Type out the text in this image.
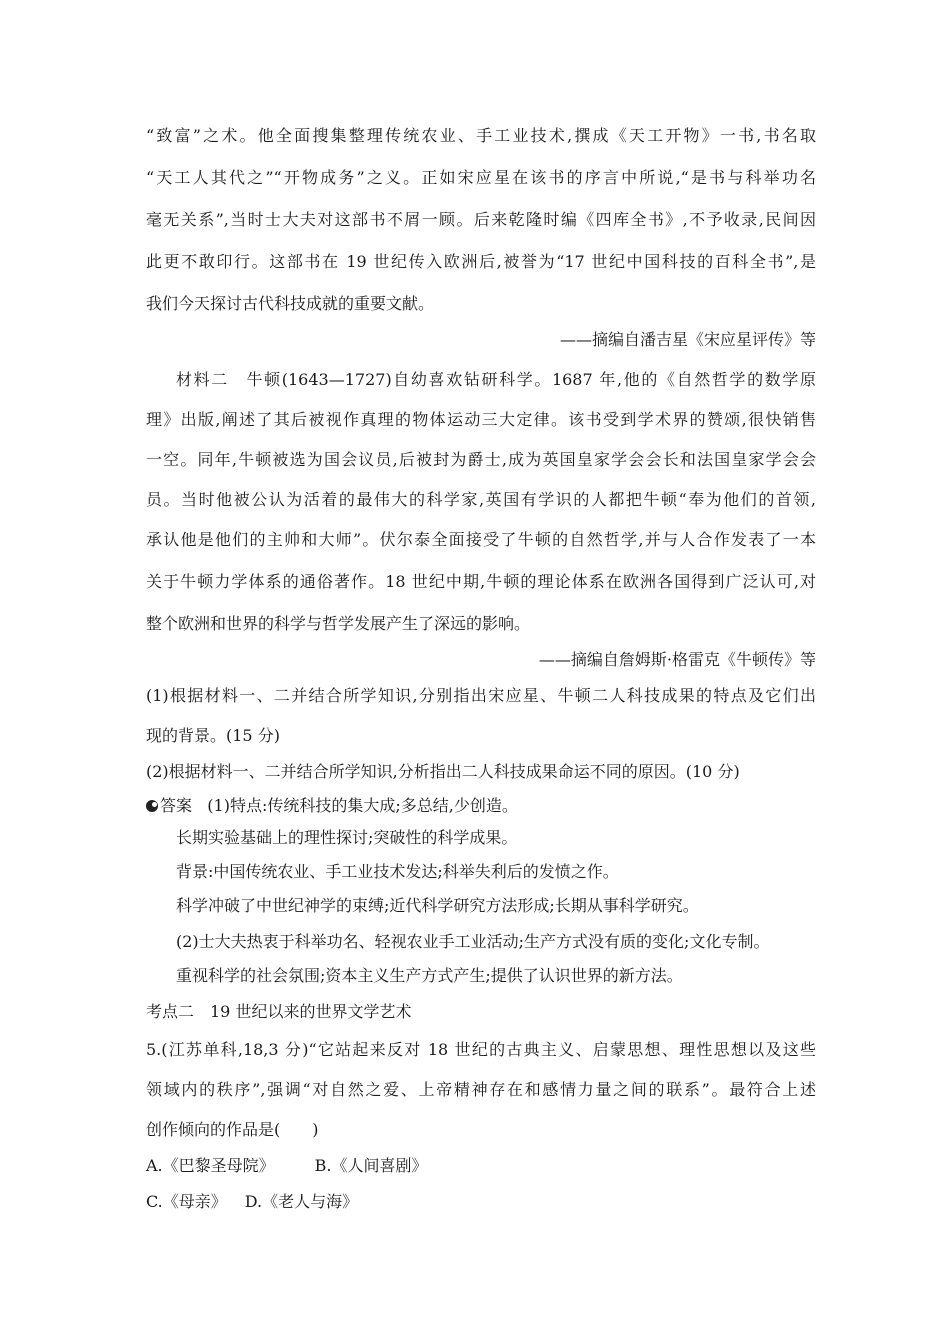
“致富”之术。他全面搜集整理传统农业、手工业技术,撰成《天工开物》一书,书名取
“天工人其代之”“开物成务”之义。正如宋应星在该书的序言中所说,“是书与科举功名
毫无关系”,当时士大夫对这部书不屑一顾。后来乾隆时编《四库全书》,不予收录,民间因
此更不敢印行。这部书在 19 世纪传入欧洲后,被誉为“17 世纪中国科技的百科全书”,是
我们今天探讨古代科技成就的重要文献。
——摘编自潘吉星《宋应星评传》等
材料二　牛顿(1643—1727)自幼喜欢钻研科学。1687 年,他的《自然哲学的数学原
理》出版,阐述了其后被视作真理的物体运动三大定律。该书受到学术界的赞颂,很快销售
一空。同年,牛顿被选为国会议员,后被封为爵士,成为英国皇家学会会长和法国皇家学会会
员。当时他被公认为活着的最伟大的科学家,英国有学识的人都把牛顿“奉为他们的首领,
承认他是他们的主帅和大师”。伏尔泰全面接受了牛顿的自然哲学,并与人合作发表了一本
关于牛顿力学体系的通俗著作。18 世纪中期,牛顿的理论体系在欧洲各国得到广泛认可,对
整个欧洲和世界的科学与哲学发展产生了深远的影响。
——摘编自詹姆斯·格雷克《牛顿传》等
(1)根据材料一、二并结合所学知识,分别指出宋应星、牛顿二人科技成果的特点及它们出
现的背景。(15 分)
(2)根据材料一、二并结合所学知识,分析指出二人科技成果命运不同的原因。(10 分)
答案 (1)特点:传统科技的集大成;多总结,少创造。
长期实验基础上的理性探讨;突破性的科学成果。
背景:中国传统农业、手工业技术发达;科举失利后的发愤之作。
科学冲破了中世纪神学的束缚;近代科学研究方法形成;长期从事科学研究。
(2)士大夫热衷于科举功名、轻视农业手工业活动;生产方式没有质的变化;文化专制。
重视科学的社会氛围;资本主义生产方式产生;提供了认识世界的新方法。
考点二　19 世纪以来的世界文学艺术
5.(江苏单科,18,3 分)“它站起来反对 18 世纪的古典主义、启蒙思想、理性思想以及这些
领域内的秩序”,强调“对自然之爱、上帝精神存在和感情力量之间的联系”。最符合上述
创作倾向的作品是(　　)
A.《巴黎圣母院》	B.《人间喜剧》
C.《母亲》 D.《老人与海》
